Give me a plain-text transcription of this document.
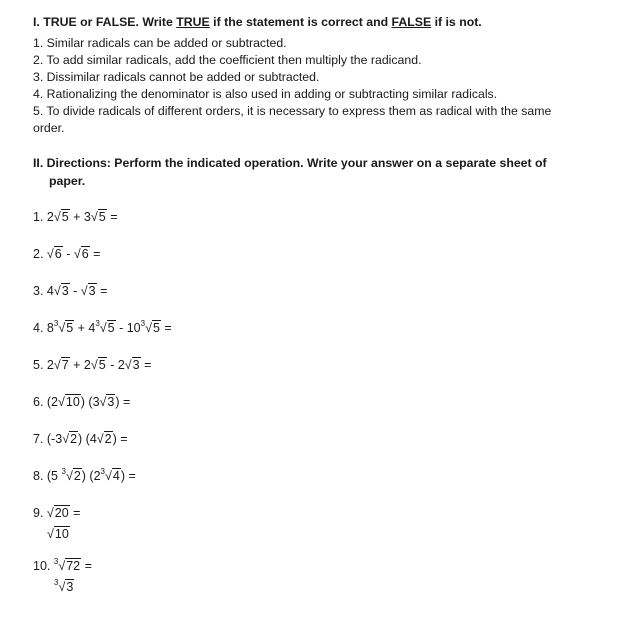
I. TRUE or FALSE. Write TRUE if the statement is correct and FALSE if is not.
1. Similar radicals can be added or subtracted.
2. To add similar radicals, add the coefficient then multiply the radicand.
3. Dissimilar radicals cannot be added or subtracted.
4. Rationalizing the denominator is also used in adding or subtracting similar radicals.
5. To divide radicals of different orders, it is necessary to express them as radical with the same
order.
II. Directions: Perform the indicated operation. Write your answer on a separate sheet of
paper.
1. 2√5 + 3√5 =
2. √6 - √6 =
3. 4√3 - √3 =
4. $8^3√5 + 4^3√5 - 10^3√5$ =
5. 2√7 + 2√5 - 2√3 =
6. (2√10) (3√3) =
7. (-3√2) (4√2) =
8. (5 $^3$√2) $(2^3√4)$ =
9. √20 =
√10
10. $^3$√72 =
$^3$√3
